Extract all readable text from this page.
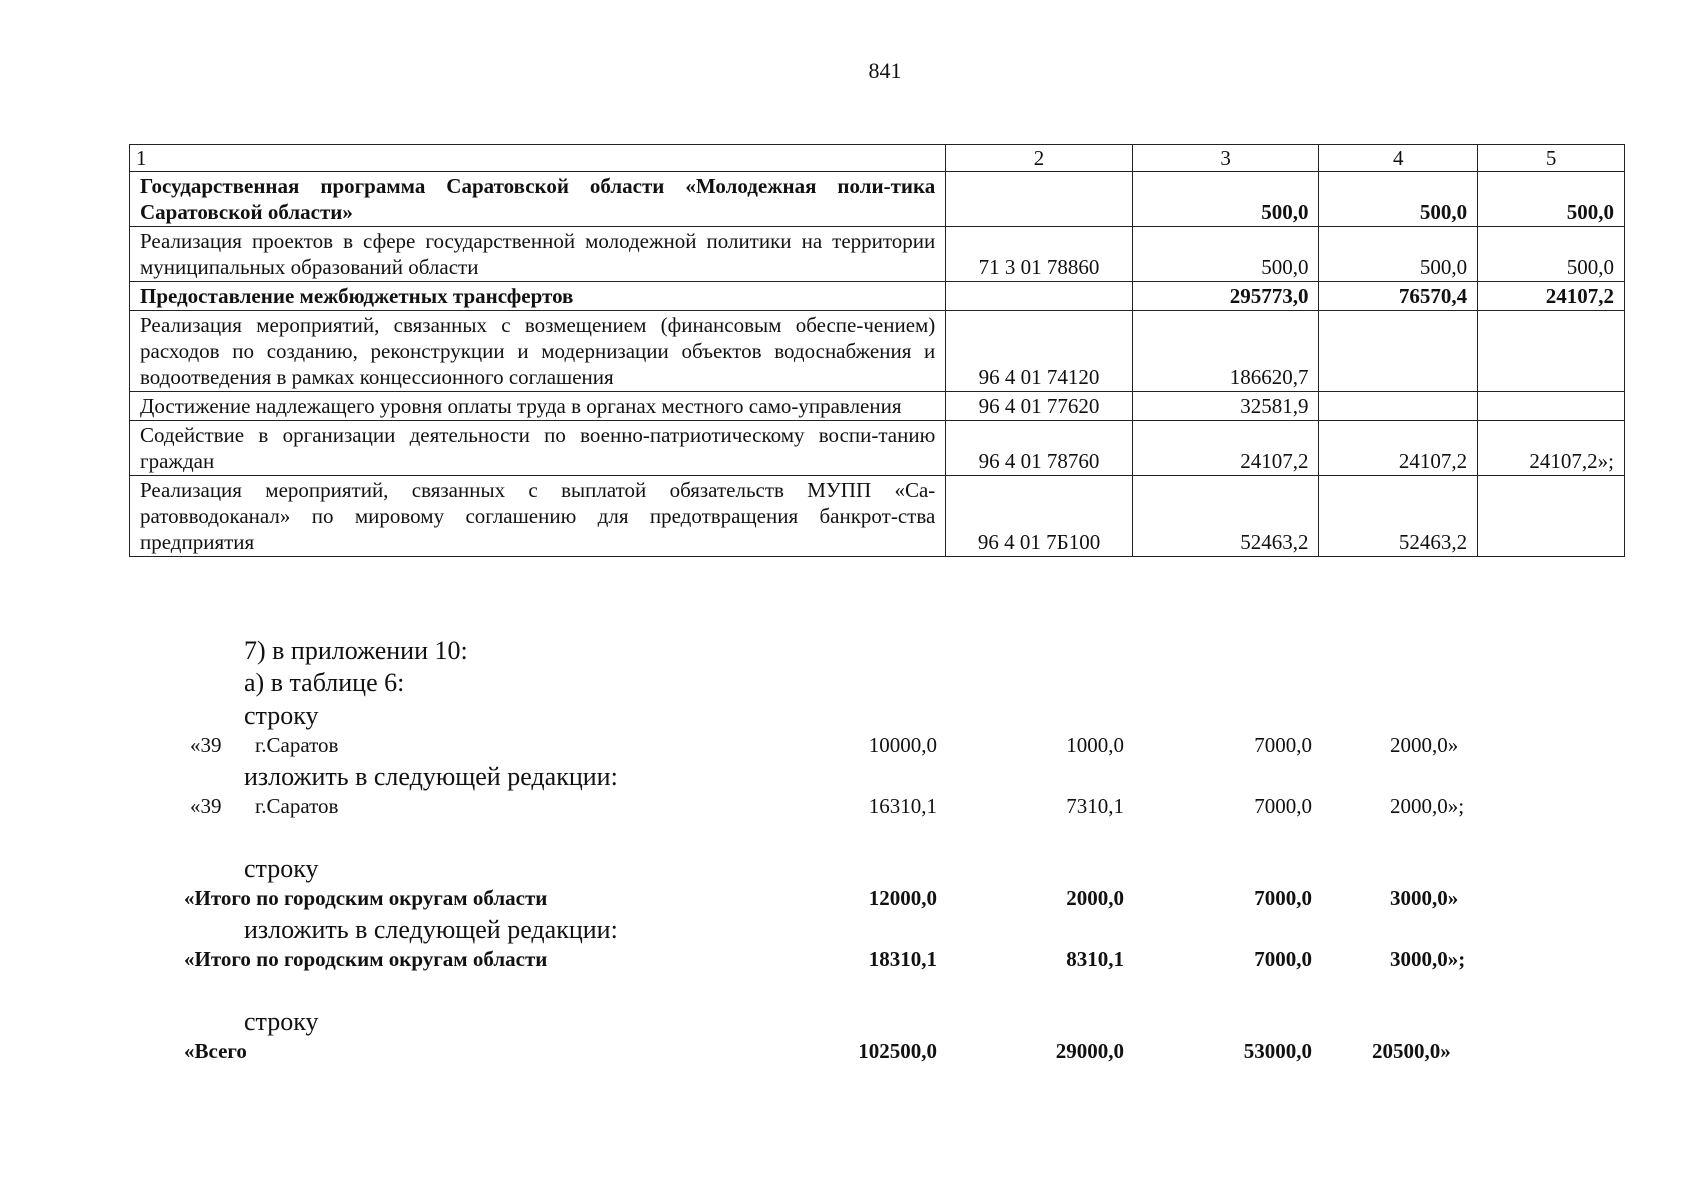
841
1	2	3	4	5
Государственная программа Саратовской области «Молодежная поли-тика Саратовской области»		500,0	500,0	500,0
Реализация проектов в сфере государственной молодежной политики на территории муниципальных образований области	71 3 01 78860	500,0	500,0	500,0
Предоставление межбюджетных трансфертов		295773,0	76570,4	24107,2
Реализация мероприятий, связанных с возмещением (финансовым обеспе-чением) расходов по созданию, реконструкции и модернизации объектов водоснабжения и водоотведения в рамках концессионного соглашения	96 4 01 74120	186620,7		
Достижение надлежащего уровня оплаты труда в органах местного само-управления	96 4 01 77620	32581,9		
Содействие в организации деятельности по военно-патриотическому воспи-танию граждан	96 4 01 78760	24107,2	24107,2	24107,2»;
Реализация мероприятий, связанных с выплатой обязательств МУПП «Са-ратовводоканал» по мировому соглашению для предотвращения банкрот-ства предприятия	96 4 01 7Б100	52463,2	52463,2	
7) в приложении 10:
а) в таблице 6:
строку
«39 г.Саратов	10000,0	1000,0	7000,0	2000,0»
изложить в следующей редакции:
«39 г.Саратов	16310,1	7310,1	7000,0	2000,0»;
строку
«Итого по городским округам области	12000,0	2000,0	7000,0	3000,0»
изложить в следующей редакции:
«Итого по городским округам области	18310,1	8310,1	7000,0	3000,0»;
строку
«Всего	102500,0	29000,0	53000,0	20500,0»
